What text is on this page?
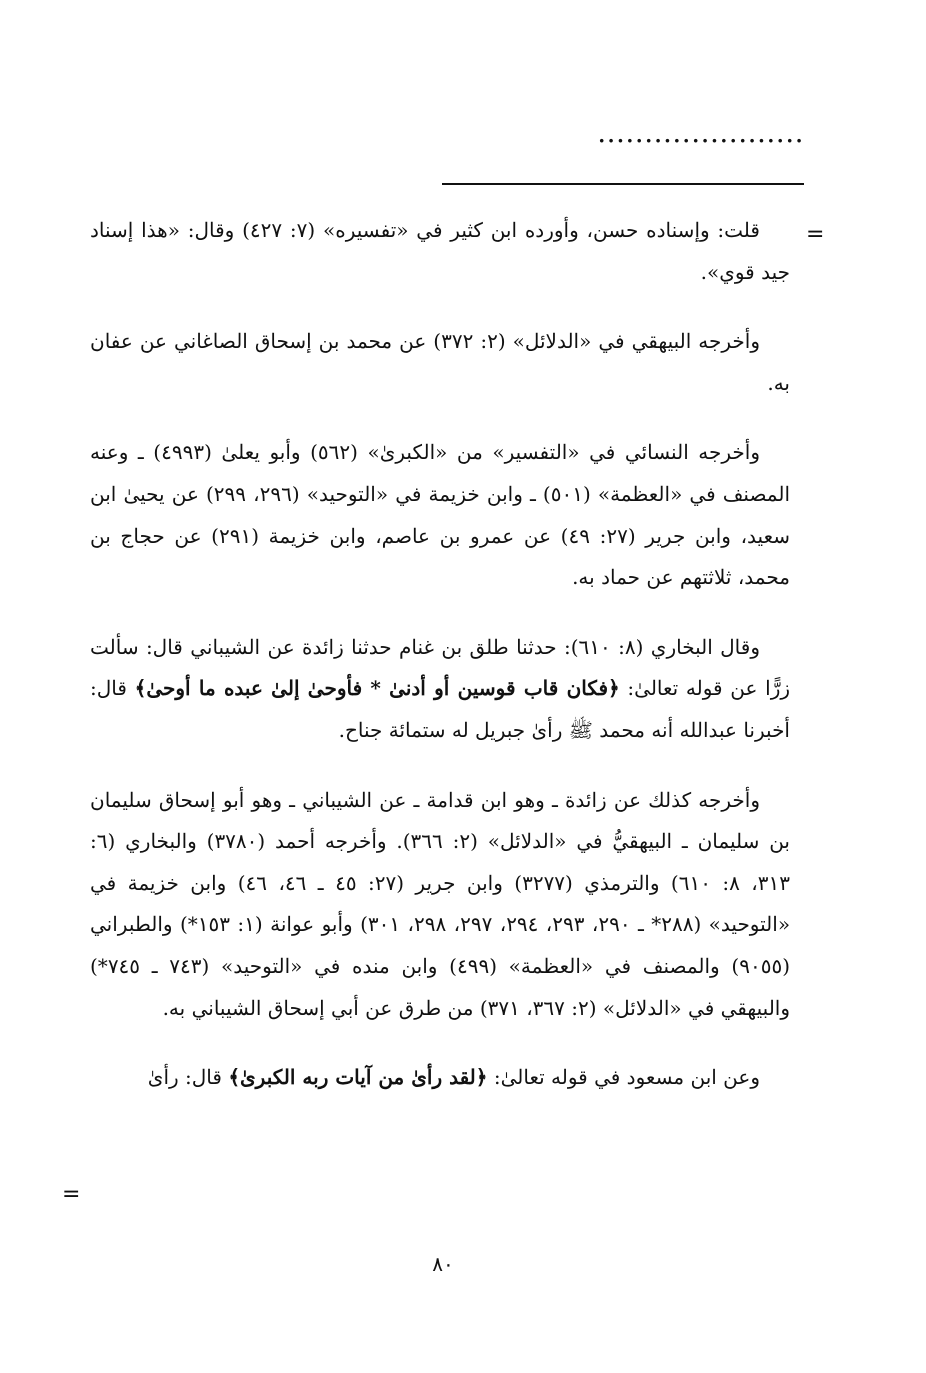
......................
=

قلت: وإسناده حسن، وأورده ابن كثير في «تفسيره» (٧: ٤٢٧) وقال: «هذا إسناد جيد قوي».

وأخرجه البيهقي في «الدلائل» (٢: ٣٧٢) عن محمد بن إسحاق الصاغاني عن عفان به.

وأخرجه النسائي في «التفسير» من «الكبرىٰ» (٥٦٢) وأبو يعلىٰ (٤٩٩٣) ـ وعنه المصنف في «العظمة» (٥٠١) ـ وابن خزيمة في «التوحيد» (٢٩٦، ٢٩٩) عن يحيىٰ ابن سعيد، وابن جرير (٢٧: ٤٩) عن عمرو بن عاصم، وابن خزيمة (٢٩١) عن حجاج بن محمد، ثلاثتهم عن حماد به.

وقال البخاري (٨: ٦١٠): حدثنا طلق بن غنام حدثنا زائدة عن الشيباني قال: سألت زرًّا عن قوله تعالىٰ: ﴿فكان قاب قوسين أو أدنىٰ * فأوحىٰ إلىٰ عبده ما أوحىٰ﴾ قال: أخبرنا عبدالله أنه محمد ﷺ رأىٰ جبريل له ستمائة جناح.

وأخرجه كذلك عن زائدة ـ وهو ابن قدامة ـ عن الشيباني ـ وهو أبو إسحاق سليمان بن سليمان ـ البيهقيُّ في «الدلائل» (٢: ٣٦٦). وأخرجه أحمد (٣٧٨٠) والبخاري (٦: ٣١٣، ٨: ٦١٠) والترمذي (٣٢٧٧) وابن جرير (٢٧: ٤٥ ـ ٤٦، ٤٦) وابن خزيمة في «التوحيد» (٢٨٨* ـ ٢٩٠، ٢٩٣، ٢٩٤، ٢٩٧، ٢٩٨، ٣٠١) وأبو عوانة (١: ١٥٣*) والطبراني (٩٠٥٥) والمصنف في «العظمة» (٤٩٩) وابن منده في «التوحيد» (٧٤٣ ـ ٧٤٥*) والبيهقي في «الدلائل» (٢: ٣٦٧، ٣٧١) من طرق عن أبي إسحاق الشيباني به.

وعن ابن مسعود في قوله تعالىٰ: ﴿لقد رأىٰ من آيات ربه الكبرىٰ﴾ قال: رأىٰ

=
٨٠
